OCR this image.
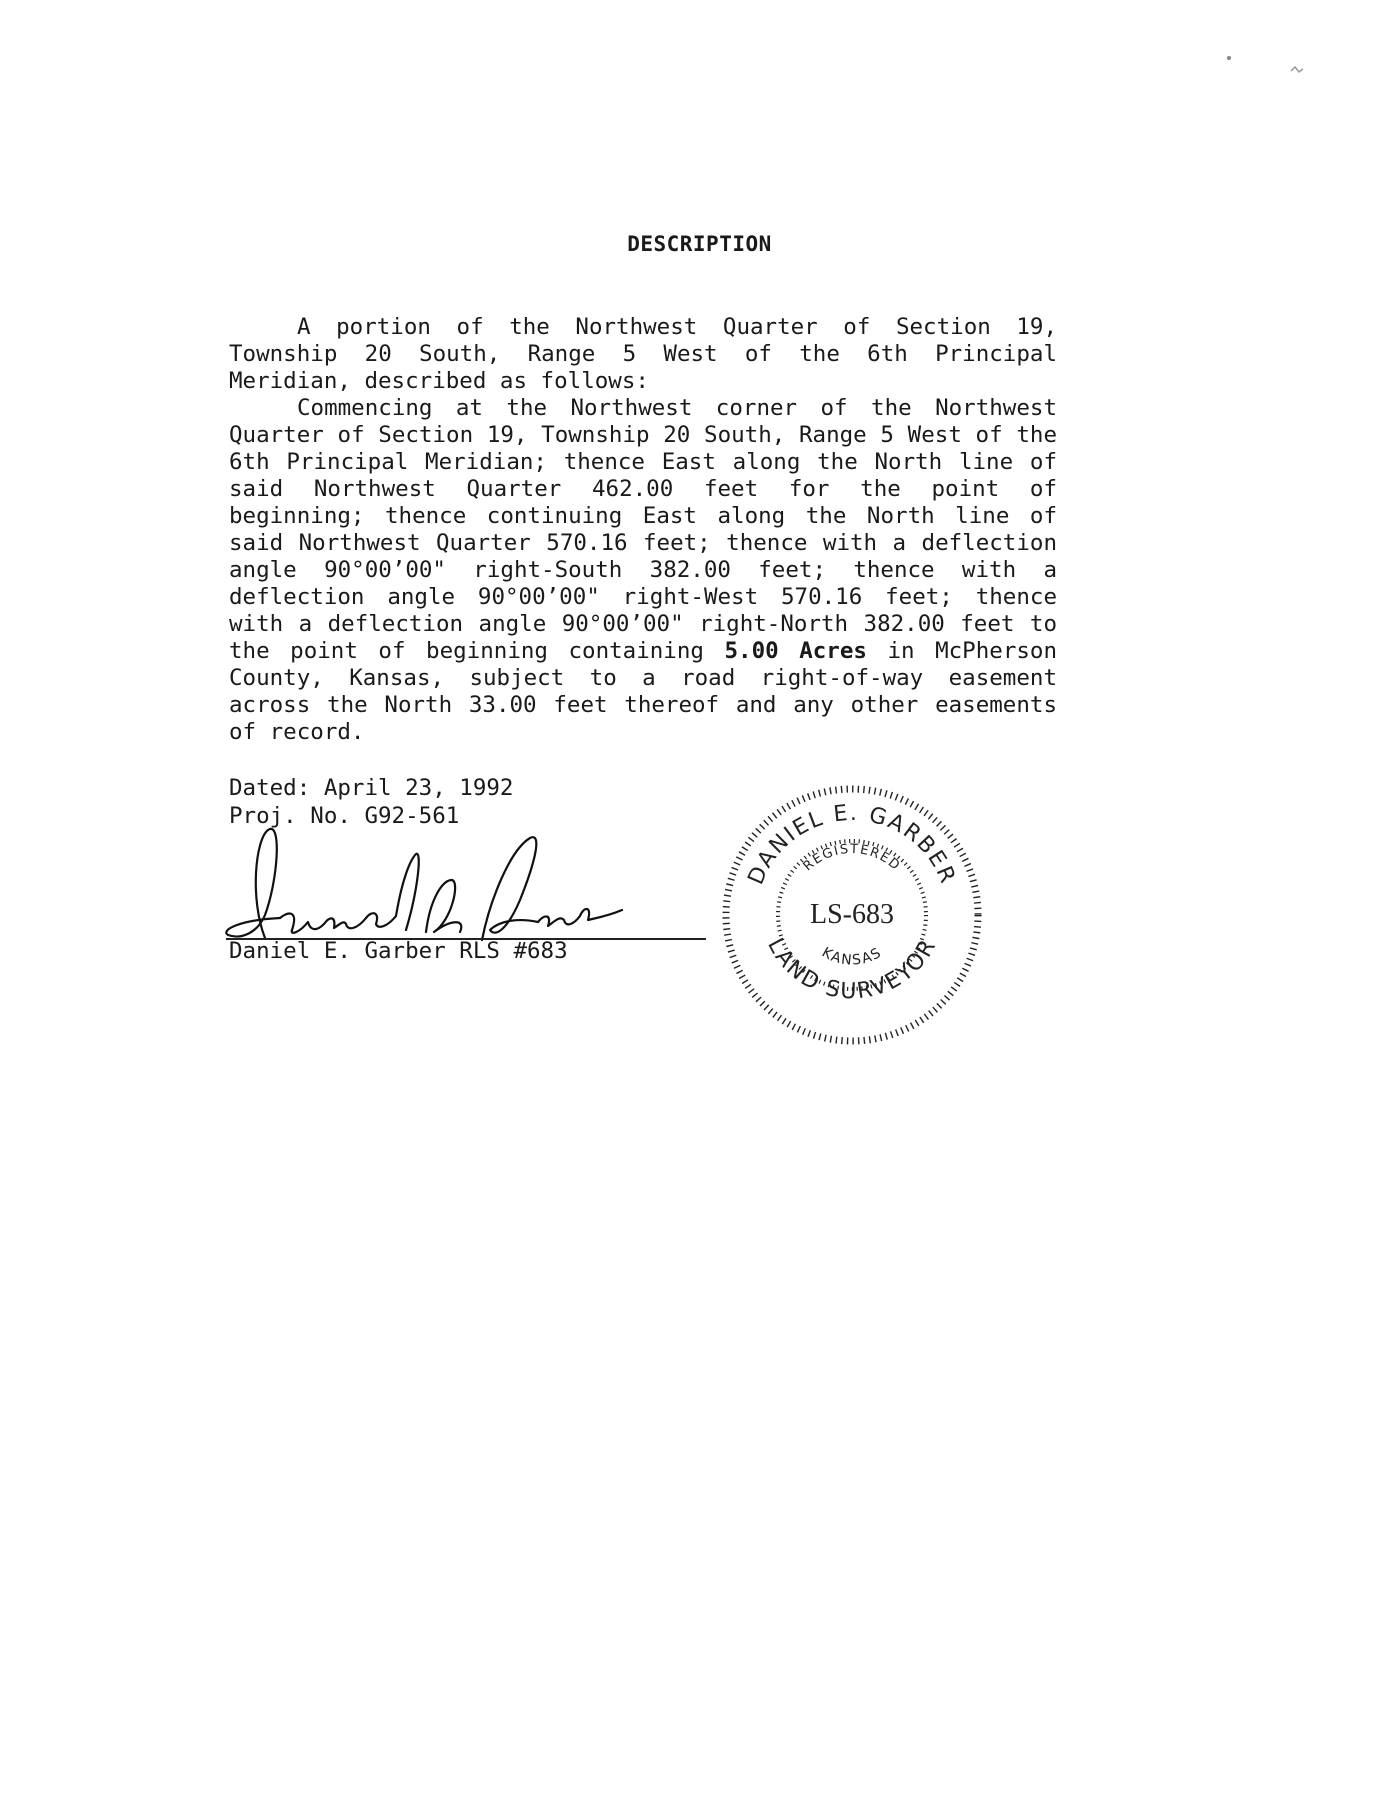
DESCRIPTION

A portion of the Northwest Quarter of Section 19, Township 20 South, Range 5 West of the 6th Principal Meridian, described as follows:

Commencing at the Northwest corner of the Northwest Quarter of Section 19, Township 20 South, Range 5 West of the 6th Principal Meridian; thence East along the North line of said Northwest Quarter 462.00 feet for the point of beginning; thence continuing East along the North line of said Northwest Quarter 570.16 feet; thence with a deflection angle 90°00’00" right-South 382.00 feet; thence with a deflection angle 90°00’00" right-West 570.16 feet; thence with a deflection angle 90°00’00" right-North 382.00 feet to the point of beginning containing 5.00 Acres in McPherson County, Kansas, subject to a road right-of-way easement across the North 33.00 feet thereof and any other easements of record.

Dated: April 23, 1992
Proj. No. G92-561
Daniel E. Garber RLS #683
DANIEL E. GARBER
LAND SURVEYOR
REGISTERED
KANSAS
LS-683
